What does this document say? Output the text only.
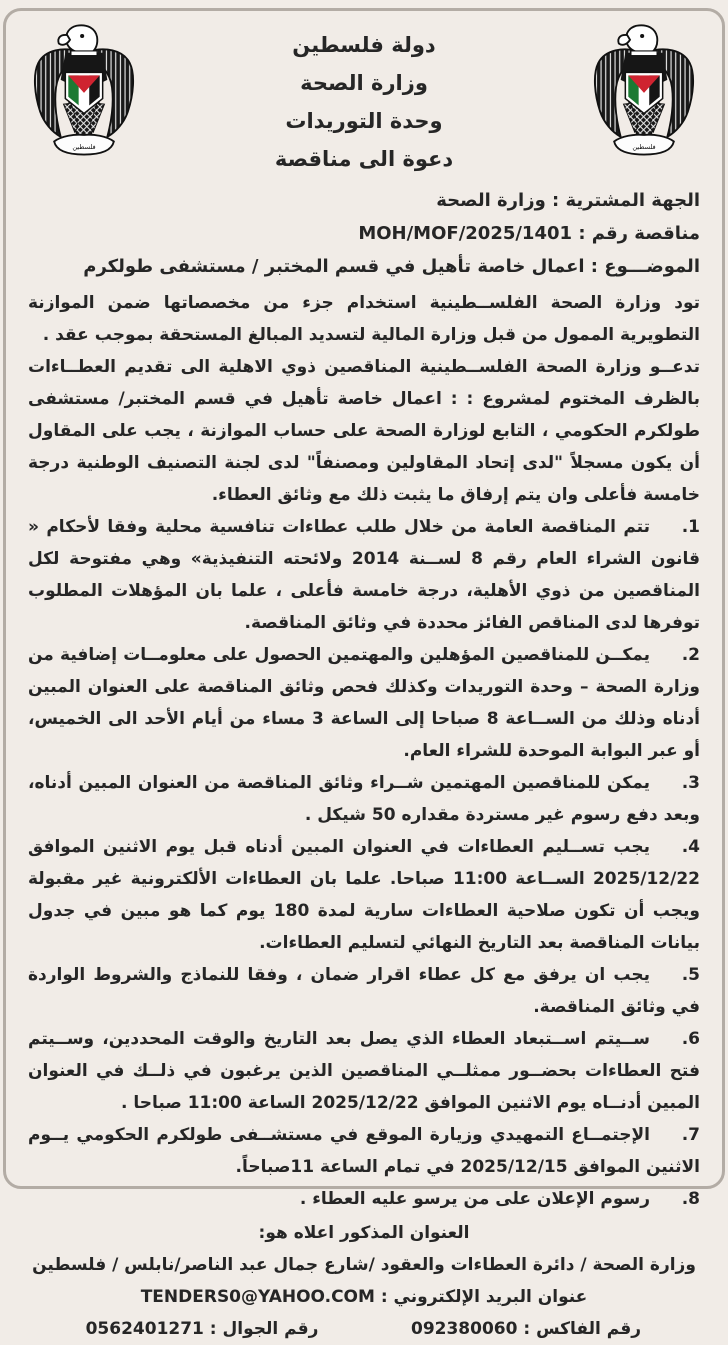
فلسطين
دولة فلسطين
وزارة الصحة
وحدة التوريدات
دعوة الى مناقصة
فلسطين
الجهة المشترية : وزارة الصحة
مناقصة رقم : MOH/MOF/2025/1401
الموضـــوع : اعمال خاصة تأهيل في قسم المختبر / مستشفى طولكرم
تود وزارة الصحة الفلســطينية استخدام جزء من مخصصاتها ضمن الموازنة التطويرية الممول من قبل وزارة المالية لتسديد المبالغ المستحقة بموجب عقد .
تدعــو وزارة الصحة الفلســطينية المناقصين ذوي الاهلية الى تقديم العطــاءات بالظرف المختوم لمشروع : : اعمال خاصة تأهيل في قسم المختبر/ مستشفى طولكرم الحكومي ، التابع لوزارة الصحة على حساب الموازنة ، يجب على المقاول أن يكون مسجلاً "لدى إتحاد المقاولين ومصنفاً" لدى لجنة التصنيف الوطنية درجة خامسة فأعلى وان يتم إرفاق ما يثبت ذلك مع وثائق العطاء.
1.
تتم المناقصة العامة من خلال طلب عطاءات تنافسية محلية وفقا لأحكام « قانون الشراء العام رقم 8 لســنة 2014 ولائحته التنفيذية» وهي مفتوحة لكل المناقصين من ذوي الأهلية، درجة خامسة فأعلى ، علما بان المؤهلات المطلوب توفرها لدى المناقص الفائز محددة في وثائق المناقصة.
2.
يمكــن للمناقصين المؤهلين والمهتمين الحصول على معلومــات إضافية من وزارة الصحة – وحدة التوريدات وكذلك فحص وثائق المناقصة على العنوان المبين أدناه وذلك من الســاعة 8 صباحا إلى الساعة 3 مساء من أيام الأحد الى الخميس، أو عبر البوابة الموحدة للشراء العام.
3.
يمكن للمناقصين المهتمين شــراء وثائق المناقصة من العنوان المبين أدناه، وبعد دفع رسوم غير مستردة مقداره 50 شيكل .
4.
يجب تســليم العطاءات في العنوان المبين أدناه قبل يوم الاثنين الموافق 2025/12/22 الســاعة 11:00 صباحا. علما بان العطاءات الألكترونية غير مقبولة ويجب أن تكون صلاحية العطاءات سارية لمدة 180 يوم كما هو مبين في جدول بيانات المناقصة بعد التاريخ النهائي لتسليم العطاءات.
5.
يجب ان يرفق مع كل عطاء اقرار ضمان ، وفقا للنماذج والشروط الواردة في وثائق المناقصة.
6.
ســيتم اســتبعاد العطاء الذي يصل بعد التاريخ والوقت المحددين، وســيتم فتح العطاءات بحضــور ممثلــي المناقصين الذين يرغبون في ذلــك في العنوان المبين أدنــاه يوم الاثنين الموافق 2025/12/22 الساعة 11:00 صباحا .
7.
الإجتمــاع التمهيدي وزيارة الموقع في مستشــفى طولكرم الحكومي يــوم الاثنين الموافق 2025/12/15 في تمام الساعة 11صباحاً.
8.
رسوم الإعلان على من يرسو عليه العطاء .
العنوان المذكور اعلاه هو:
وزارة الصحة / دائرة العطاءات والعقود /شارع جمال عبد الناصر/نابلس / فلسطين
عنوان البريد الإلكتروني : TENDERS0@YAHOO.COM
رقم الفاكس : 092380060
رقم الجوال : 0562401271
